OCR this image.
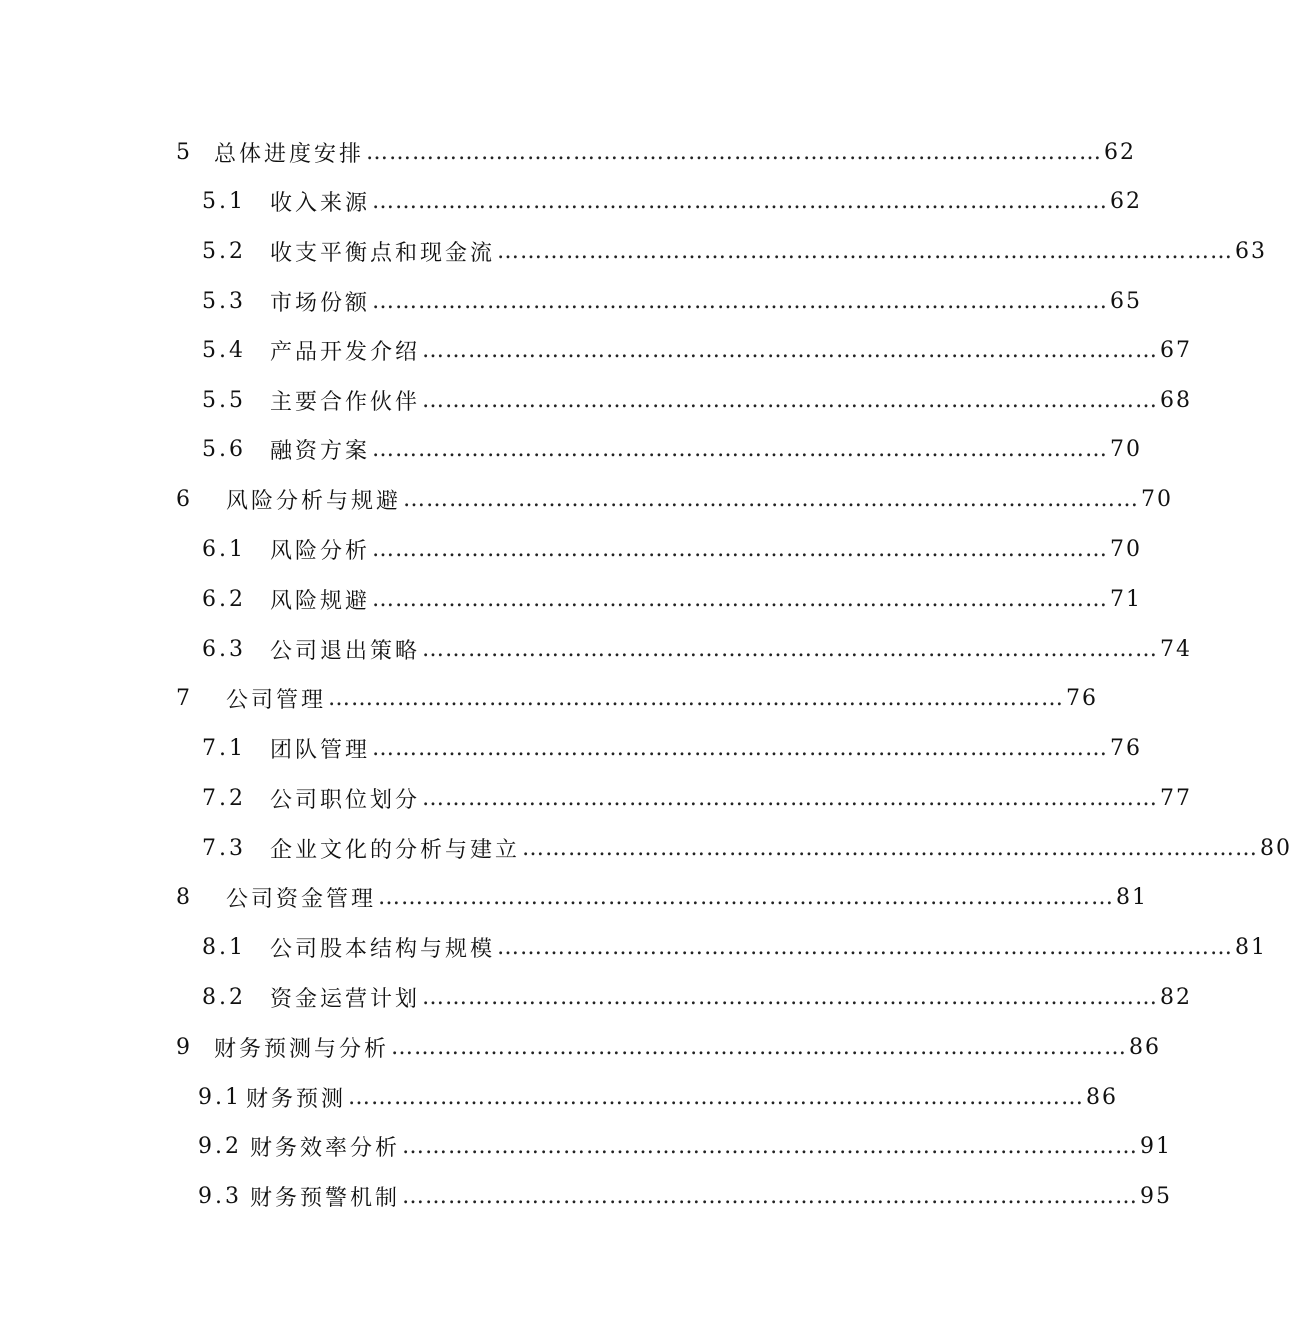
5 总体进度安排 …………………………………………………………………………………… 62
5.1	收入来源 …………………………………………………………………………………… 62
5.2	收支平衡点和现金流 …………………………………………………………………………………… 63
5.3	市场份额 …………………………………………………………………………………… 65
5.4	产品开发介绍 …………………………………………………………………………………… 67
5.5	主要合作伙伴 …………………………………………………………………………………… 68
5.6	融资方案 …………………………………………………………………………………… 70
6	风险分析与规避 …………………………………………………………………………………… 70
6.1	风险分析 …………………………………………………………………………………… 70
6.2	风险规避 …………………………………………………………………………………… 71
6.3	公司退出策略 …………………………………………………………………………………… 74
7	公司管理 …………………………………………………………………………………… 76
7.1	团队管理 …………………………………………………………………………………… 76
7.2	公司职位划分 …………………………………………………………………………………… 77
7.3	企业文化的分析与建立 …………………………………………………………………………………… 80
8	公司资金管理 …………………………………………………………………………………… 81
8.1	公司股本结构与规模 …………………………………………………………………………………… 81
8.2	资金运营计划 …………………………………………………………………………………… 82
9 财务预测与分析 …………………………………………………………………………………… 86
9.1 财务预测 …………………………………………………………………………………… 86
9.2 财务效率分析 …………………………………………………………………………………… 91
9.3 财务预警机制 …………………………………………………………………………………… 95
